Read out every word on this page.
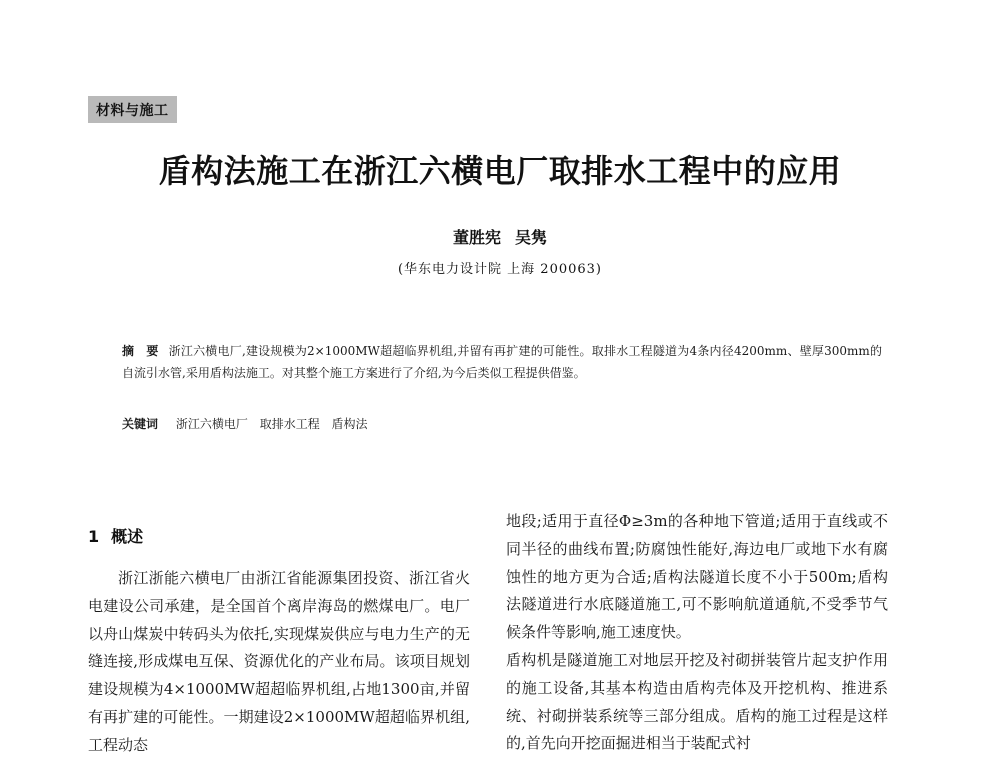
材料与施工
盾构法施工在浙江六横电厂取排水工程中的应用
董胜宪 吴隽
(华东电力设计院 上海 200063)
摘　要 浙江六横电厂,建设规模为2×1000MW超超临界机组,并留有再扩建的可能性。取排水工程隧道为4条内径4200mm、壁厚300mm的自流引水管,采用盾构法施工。对其整个施工方案进行了介绍,为今后类似工程提供借鉴。
关键词 浙江六横电厂 取排水工程 盾构法
1 概述

浙江浙能六横电厂由浙江省能源集团投资、浙江省火电建设公司承建，是全国首个离岸海岛的燃煤电厂。电厂以舟山煤炭中转码头为依托,实现煤炭供应与电力生产的无缝连接,形成煤电互保、资源优化的产业布局。该项目规划建设规模为4×1000MW超超临界机组,占地1300亩,并留有再扩建的可能性。一期建设2×1000MW超超临界机组,工程动态

地段;适用于直径Φ≥3m的各种地下管道;适用于直线或不同半径的曲线布置;防腐蚀性能好,海边电厂或地下水有腐蚀性的地方更为合适;盾构法隧道长度不小于500m;盾构法隧道进行水底隧道施工,可不影响航道通航,不受季节气候条件等影响,施工速度快。

盾构机是隧道施工对地层开挖及衬砌拼装管片起支护作用的施工设备,其基本构造由盾构壳体及开挖机构、推进系统、衬砌拼装系统等三部分组成。盾构的施工过程是这样的,首先向开挖面掘进相当于装配式衬
